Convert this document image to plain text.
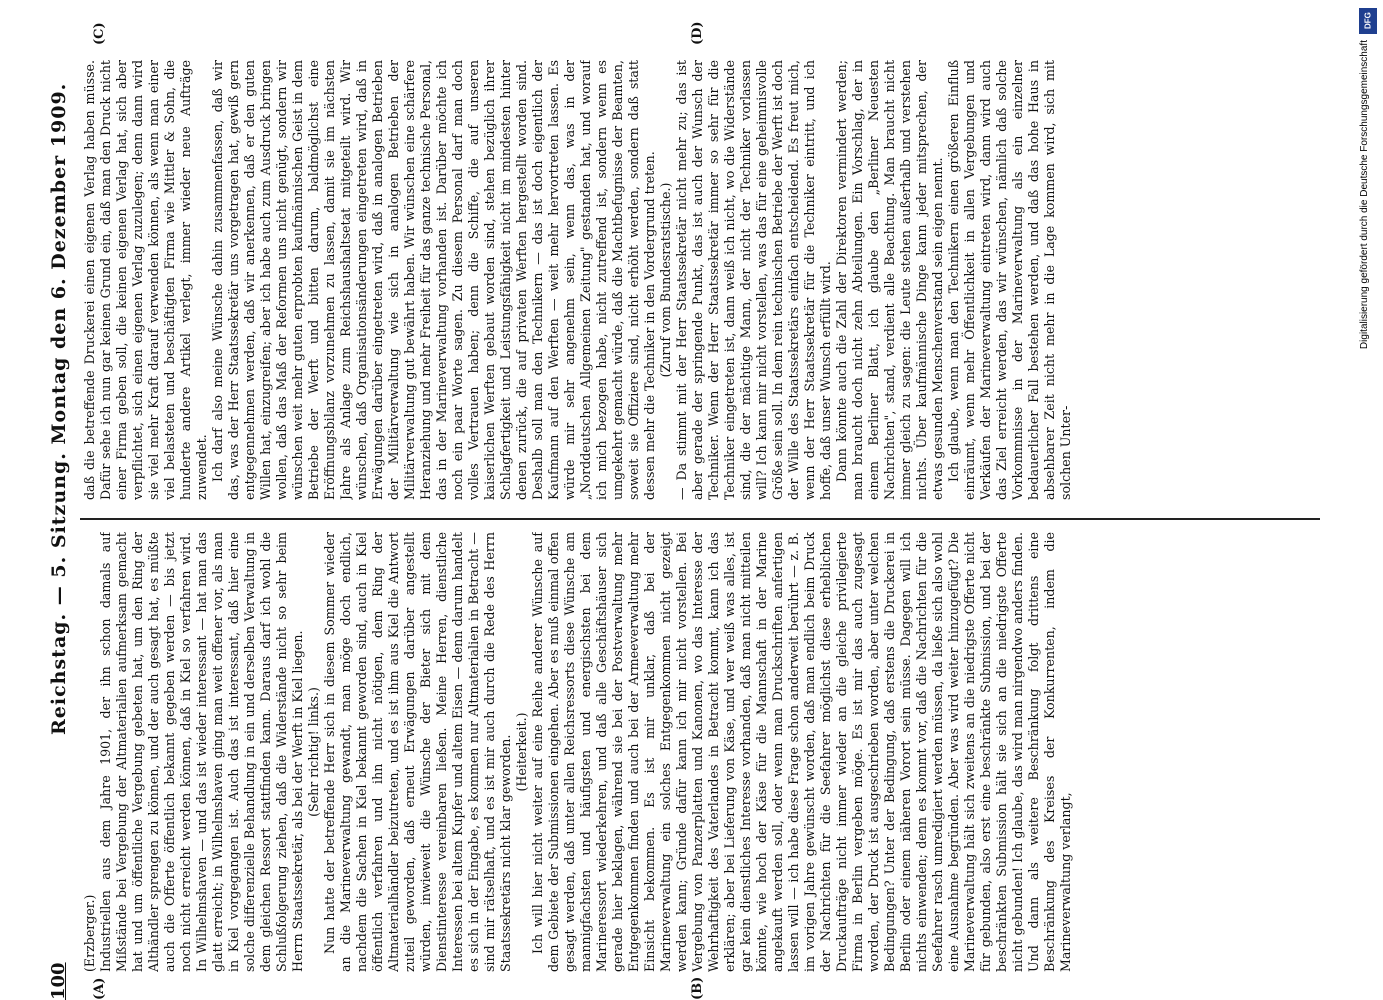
100
Reichstag. — 5. Sitzung. Montag den 6. Dezember 1909.
(A)	(B)
(C)	(D)

(Erzberger.) Industriellen aus dem Jahre 1901, der ihn schon damals auf Mißstände bei Vergebung der Altmaterialien aufmerksam gemacht hat und um öffentliche Vergebung gebeten hat, um den Ring der Althändler sprengen zu können, und der auch gesagt hat, es müßte auch die Offerte öffentlich bekannt gegeben werden — bis jetzt noch nicht erreicht werden können, daß in Kiel so verfahren wird. In Wilhelmshaven — und das ist wieder interessant — hat man das glatt erreicht; in Wilhelmshaven ging man weit offener vor, als man in Kiel vorgegangen ist. Auch das ist interessant, daß hier eine solche differenzielle Behandlung in ein und derselben Verwaltung in dem gleichen Ressort stattfinden kann. Daraus darf ich wohl die Schlußfolgerung ziehen, daß die Widerstände nicht so sehr beim Herrn Staatssekretär, als bei der Werft in Kiel liegen. (Sehr richtig! links.) Nun hatte der betreffende Herr sich in diesem Sommer wieder an die Marineverwaltung gewandt, man möge doch endlich, nachdem die Sachen in Kiel bekannt geworden sind, auch in Kiel öffentlich verfahren und ihn nicht nötigen, dem Ring der Altmaterialhändler beizutreten, und es ist ihm aus Kiel die Antwort zuteil geworden, daß erneut Erwägungen darüber angestellt würden, inwieweit die Wünsche der Bieter sich mit dem Dienstinteresse vereinbaren ließen. Meine Herren, dienstliche Interessen bei altem Kupfer und altem Eisen — denn darum handelt es sich in der Eingabe, es kommen nur Altmaterialien in Betracht — sind mir rätselhaft, und es ist mir auch durch die Rede des Herrn Staatssekretärs nicht klar geworden. (Heiterkeit.) Ich will hier nicht weiter auf eine Reihe anderer Wünsche auf dem Gebiete der Submissionen eingehen. Aber es muß einmal offen gesagt werden, daß unter allen Reichsressorts diese Wünsche am mannigfachsten und häufigsten und energischsten bei dem Marineressort wiederkehren, und daß alle Geschäftshäuser sich gerade hier beklagen, während sie bei der Postverwaltung mehr Entgegenkommen finden und auch bei der Armeeverwaltung mehr Einsicht bekommen. Es ist mir unklar, daß bei der Marineverwaltung ein solches Entgegenkommen nicht gezeigt werden kann; Gründe dafür kann ich mir nicht vorstellen. Bei Vergebung von Panzerplatten und Kanonen, wo das Interesse der Wehrhaftigkeit des Vaterlandes in Betracht kommt, kann ich das erklären; aber bei Lieferung von Käse, und wer weiß was alles, ist gar kein dienstliches Interesse vorhanden, daß man nicht mitteilen könnte, wie hoch der Käse für die Mannschaft in der Marine angekauft werden soll, oder wenn man Druckschriften anfertigen lassen will — ich habe diese Frage schon anderweit berührt — z. B. im vorigen Jahre gewünscht worden, daß man endlich beim Druck der Nachrichten für die Seefahrer möglichst diese erheblichen Druckaufträge nicht immer wieder an die gleiche privilegierte Firma in Berlin vergeben möge. Es ist mir das auch zugesagt worden, der Druck ist ausgeschrieben worden, aber unter welchen Bedingungen? Unter der Bedingung, daß erstens die Druckerei in Berlin oder einem näheren Vorort sein müsse. Dagegen will ich nichts einwenden; denn es kommt vor, daß die Nachrichten für die Seefahrer rasch umredigiert werden müssen, da ließe sich also wohl eine Ausnahme begründen. Aber was wird weiter hinzugefügt? Die Marineverwaltung hält sich zweitens an die niedrigste Offerte nicht für gebunden, also erst eine beschränkte Submission, und bei der beschränkten Submission hält sie sich an die niedrigste Offerte nicht gebunden! Ich glaube, das wird man nirgendwo anders finden. Und dann als weitere Beschränkung folgt drittens eine Beschränkung des Kreises der Konkurrenten, indem die Marineverwaltung verlangt,

daß die betreffende Druckerei einen eigenen Verlag haben müsse. Dafür sehe ich nun gar keinen Grund ein, daß man den Druck nicht einer Firma geben soll, die keinen eigenen Verlag hat, sich aber verpflichtet, sich einen eigenen Verlag zuzulegen; denn dann wird sie viel mehr Kraft darauf verwenden können, als wenn man einer viel belasteten und beschäftigten Firma wie Mittler & Sohn, die hunderte andere Artikel verlegt, immer wieder neue Aufträge zuwendet. Ich darf also meine Wünsche dahin zusammenfassen, daß wir das, was der Herr Staatssekretär uns vorgetragen hat, gewiß gern entgegennehmen werden, daß wir anerkennen, daß er den guten Willen hat, einzugreifen; aber ich habe auch zum Ausdruck bringen wollen, daß das Maß der Reformen uns nicht genügt, sondern wir wünschen weit mehr guten erprobten kaufmännischen Geist in dem Betriebe der Werft und bitten darum, baldmöglichst eine Eröffnungsbilanz vorzunehmen zu lassen, damit sie im nächsten Jahre als Anlage zum Reichshaushaltsetat mitgeteilt wird. Wir wünschen, daß Organisationsänderungen eingetreten wird, daß in Erwägungen darüber eingetreten wird, daß in analogen Betrieben der Militärverwaltung wie sich in analogen Betrieben der Militärverwaltung gut bewährt haben. Wir wünschen eine schärfere Heranziehung und mehr Freiheit für das ganze technische Personal, das in der Marineverwaltung vorhanden ist. Darüber möchte ich noch ein paar Worte sagen. Zu diesem Personal darf man doch volles Vertrauen haben; denn die Schiffe, die auf unseren kaiserlichen Werften gebaut worden sind, stehen bezüglich ihrer Schlagfertigkeit und Leistungsfähigkeit nicht im mindesten hinter denen zurück, die auf privaten Werften hergestellt worden sind. Deshalb soll man den Technikern — das ist doch eigentlich der Kaufmann auf den Werften — weit mehr hervortreten lassen. Es würde mir sehr angenehm sein, wenn das, was in der „Norddeutschen Allgemeinen Zeitung" gestanden hat, und worauf ich mich bezogen habe, nicht zutreffend ist, sondern wenn es umgekehrt gemacht würde, daß die Machtbefugnisse der Beamten, soweit sie Offiziere sind, nicht erhöht werden, sondern daß statt dessen mehr die Techniker in den Vordergrund treten. (Zuruf vom Bundesratstische.) — Da stimmt mit der Herr Staatssekretär nicht mehr zu; das ist aber gerade der springende Punkt, das ist auch der Wunsch der Techniker. Wenn der Herr Staatssekretär immer so sehr für die Techniker eingetreten ist, dann weiß ich nicht, wo die Widerstände sind, die der mächtige Mann, der nicht der Techniker vorlassen will? Ich kann mir nicht vorstellen, was das für eine geheimnisvolle Größe sein soll. In dem rein technischen Betriebe der Werft ist doch der Wille des Staatssekretärs einfach entscheidend. Es freut mich, wenn der Herr Staatssekretär für die Techniker eintritt, und ich hoffe, daß unser Wunsch erfüllt wird. Dann könnte auch die Zahl der Direktoren vermindert werden; man braucht doch nicht zehn Abteilungen. Ein Vorschlag, der in einem Berliner Blatt, ich glaube den „Berliner Neuesten Nachrichten", stand, verdient alle Beachtung. Man braucht nicht immer gleich zu sagen: die Leute stehen außerhalb und verstehen nichts. Über kaufmännische Dinge kann jeder mitsprechen, der etwas gesunden Menschenverstand sein eigen nennt. Ich glaube, wenn man den Technikern einen größeren Einfluß einräumt, wenn mehr Öffentlichkeit in allen Vergebungen und Verkäufen der Marineverwaltung eintreten wird, dann wird auch das Ziel erreicht werden, das wir wünschen, nämlich daß solche Vorkommnisse in der Marineverwaltung als ein einzelner bedauerlicher Fall bestehen werden, und daß das hohe Haus in absehbarer Zeit nicht mehr in die Lage kommen wird, sich mit solchen Unter-

DFG
Digitalisierung gefördert durch die Deutsche Forschungsgemeinschaft
